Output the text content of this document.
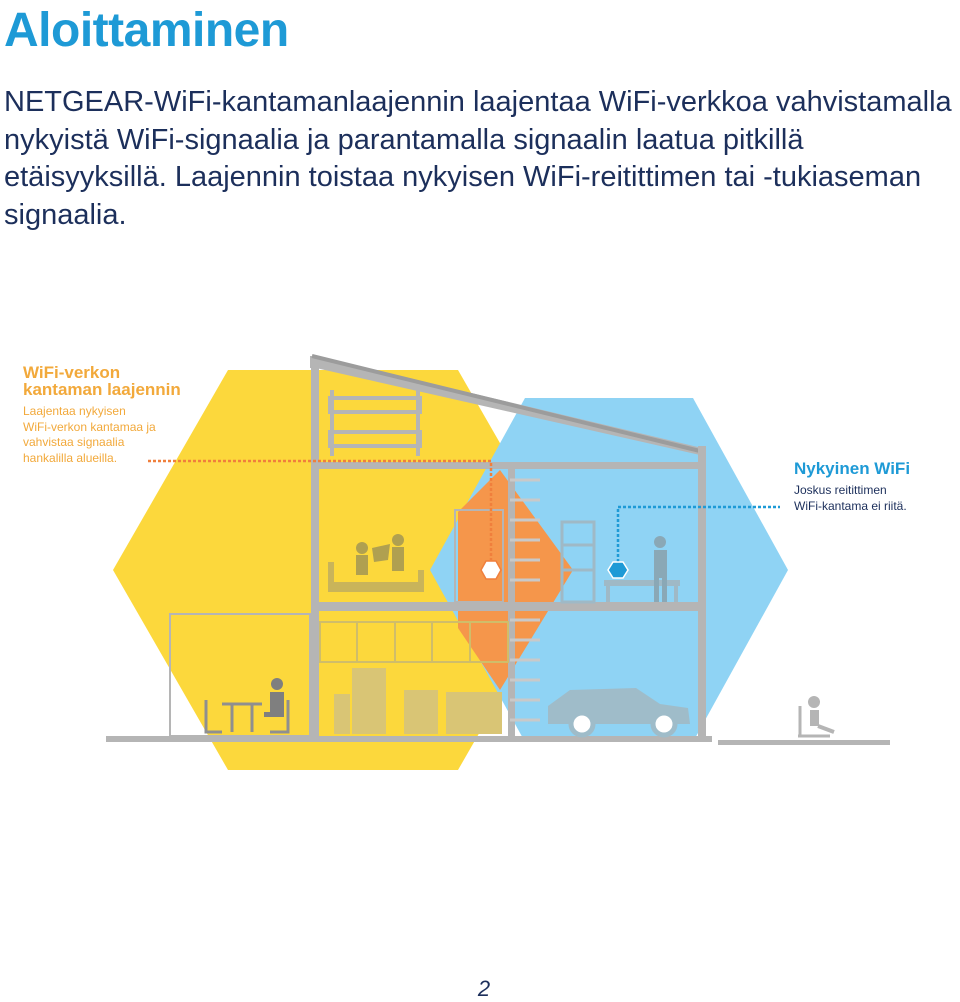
Aloittaminen

NETGEAR-WiFi-kantamanlaajennin laajentaa WiFi-verkkoa vahvistamalla nykyistä WiFi-signaalia ja parantamalla signaalin laatua pitkillä etäisyyksillä. Laajennin toistaa nykyisen WiFi-reitittimen tai -tukiaseman signaalia.

WiFi-verkon
kantaman laajennin

Laajentaa nykyisen
WiFi-verkon kantamaa ja
vahvistaa signaalia
hankalilla alueilla.

Nykyinen WiFi

Joskus reitittimen
WiFi-kantama ei riitä.

2
